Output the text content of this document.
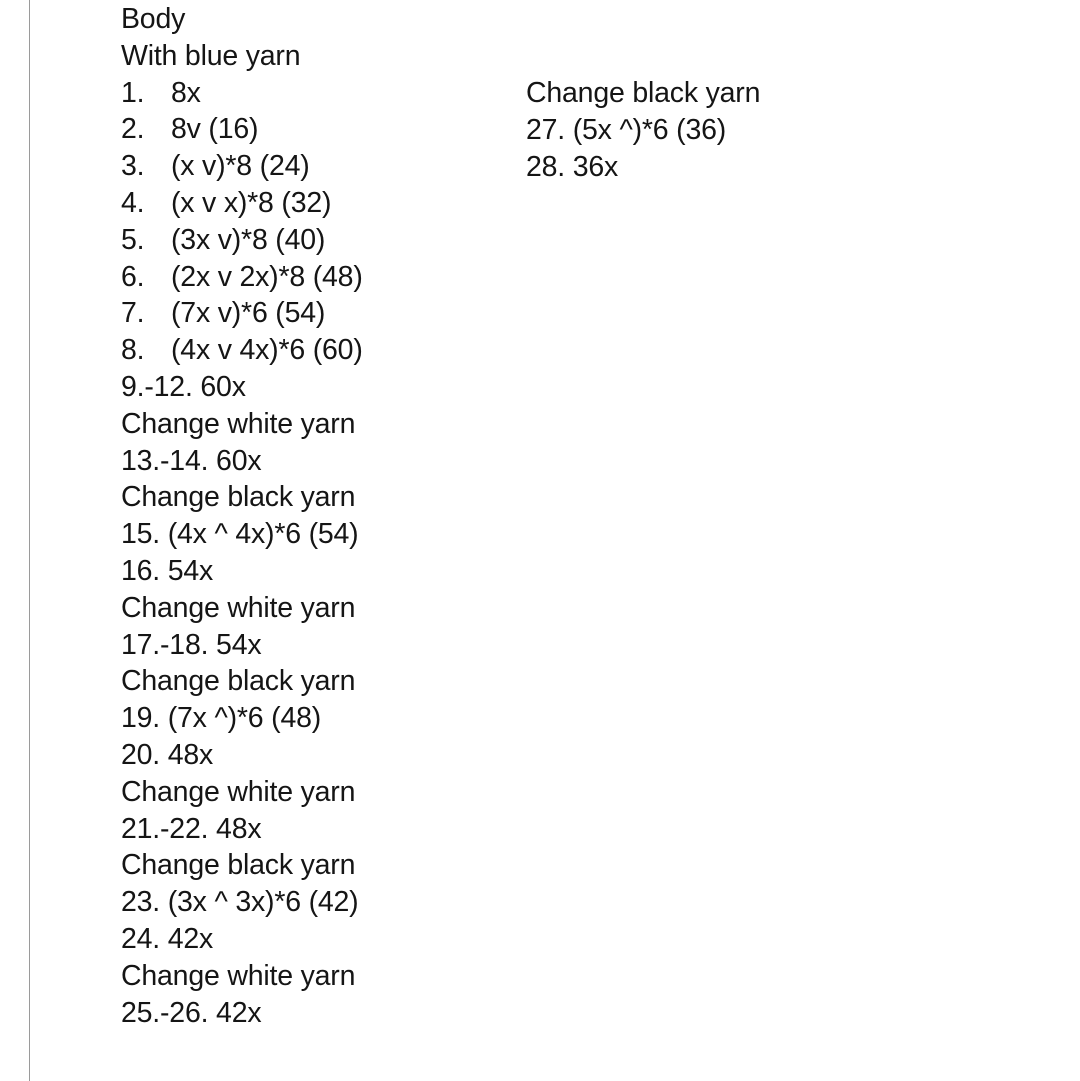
Body
With blue yarn
1. 8x
2. 8v (16)
3. (x v)*8 (24)
4. (x v x)*8 (32)
5. (3x v)*8 (40)
6. (2x v 2x)*8 (48)
7. (7x v)*6 (54)
8. (4x v 4x)*6 (60)
9.-12. 60x
Change white yarn
13.-14. 60x
Change black yarn
15. (4x ^ 4x)*6 (54)
16. 54x
Change white yarn
17.-18. 54x
Change black yarn
19. (7x ^)*6 (48)
20. 48x
Change white yarn
21.-22. 48x
Change black yarn
23. (3x ^ 3x)*6 (42)
24. 42x
Change white yarn
25.-26. 42x
Change black yarn
27. (5x ^)*6 (36)
28. 36x
